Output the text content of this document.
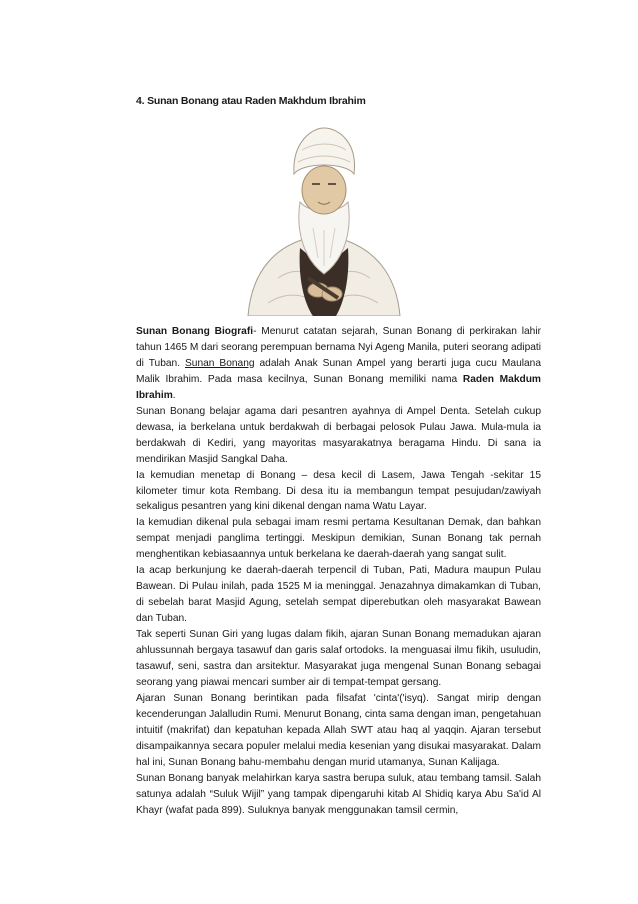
4. Sunan Bonang atau Raden Makhdum Ibrahim

Sunan Bonang Biografi- Menurut catatan sejarah, Sunan Bonang di perkirakan lahir tahun 1465 M dari seorang perempuan bernama Nyi Ageng Manila, puteri seorang adipati di Tuban. Sunan Bonang adalah Anak Sunan Ampel yang berarti juga cucu Maulana Malik Ibrahim. Pada masa kecilnya, Sunan Bonang memiliki nama Raden Makdum Ibrahim.

Sunan Bonang belajar agama dari pesantren ayahnya di Ampel Denta. Setelah cukup dewasa, ia berkelana untuk berdakwah di berbagai pelosok Pulau Jawa. Mula-mula ia berdakwah di Kediri, yang mayoritas masyarakatnya beragama Hindu. Di sana ia mendirikan Masjid Sangkal Daha.

Ia kemudian menetap di Bonang – desa kecil di Lasem, Jawa Tengah -sekitar 15 kilometer timur kota Rembang. Di desa itu ia membangun tempat pesujudan/zawiyah sekaligus pesantren yang kini dikenal dengan nama Watu Layar.

Ia kemudian dikenal pula sebagai imam resmi pertama Kesultanan Demak, dan bahkan sempat menjadi panglima tertinggi. Meskipun demikian, Sunan Bonang tak pernah menghentikan kebiasaannya untuk berkelana ke daerah-daerah yang sangat sulit.

Ia acap berkunjung ke daerah-daerah terpencil di Tuban, Pati, Madura maupun Pulau Bawean. Di Pulau inilah, pada 1525 M ia meninggal. Jenazahnya dimakamkan di Tuban, di sebelah barat Masjid Agung, setelah sempat diperebutkan oleh masyarakat Bawean dan Tuban.

Tak seperti Sunan Giri yang lugas dalam fikih, ajaran Sunan Bonang memadukan ajaran ahlussunnah bergaya tasawuf dan garis salaf ortodoks. Ia menguasai ilmu fikih, usuludin, tasawuf, seni, sastra dan arsitektur. Masyarakat juga mengenal Sunan Bonang sebagai seorang yang piawai mencari sumber air di tempat-tempat gersang.

Ajaran Sunan Bonang berintikan pada filsafat 'cinta'('isyq). Sangat mirip dengan kecenderungan Jalalludin Rumi. Menurut Bonang, cinta sama dengan iman, pengetahuan intuitif (makrifat) dan kepatuhan kepada Allah SWT atau haq al yaqqin. Ajaran tersebut disampaikannya secara populer melalui media kesenian yang disukai masyarakat. Dalam hal ini, Sunan Bonang bahu-membahu dengan murid utamanya, Sunan Kalijaga.

Sunan Bonang banyak melahirkan karya sastra berupa suluk, atau tembang tamsil. Salah satunya adalah “Suluk Wijil” yang tampak dipengaruhi kitab Al Shidiq karya Abu Sa'id Al Khayr (wafat pada 899). Suluknya banyak menggunakan tamsil cermin,
